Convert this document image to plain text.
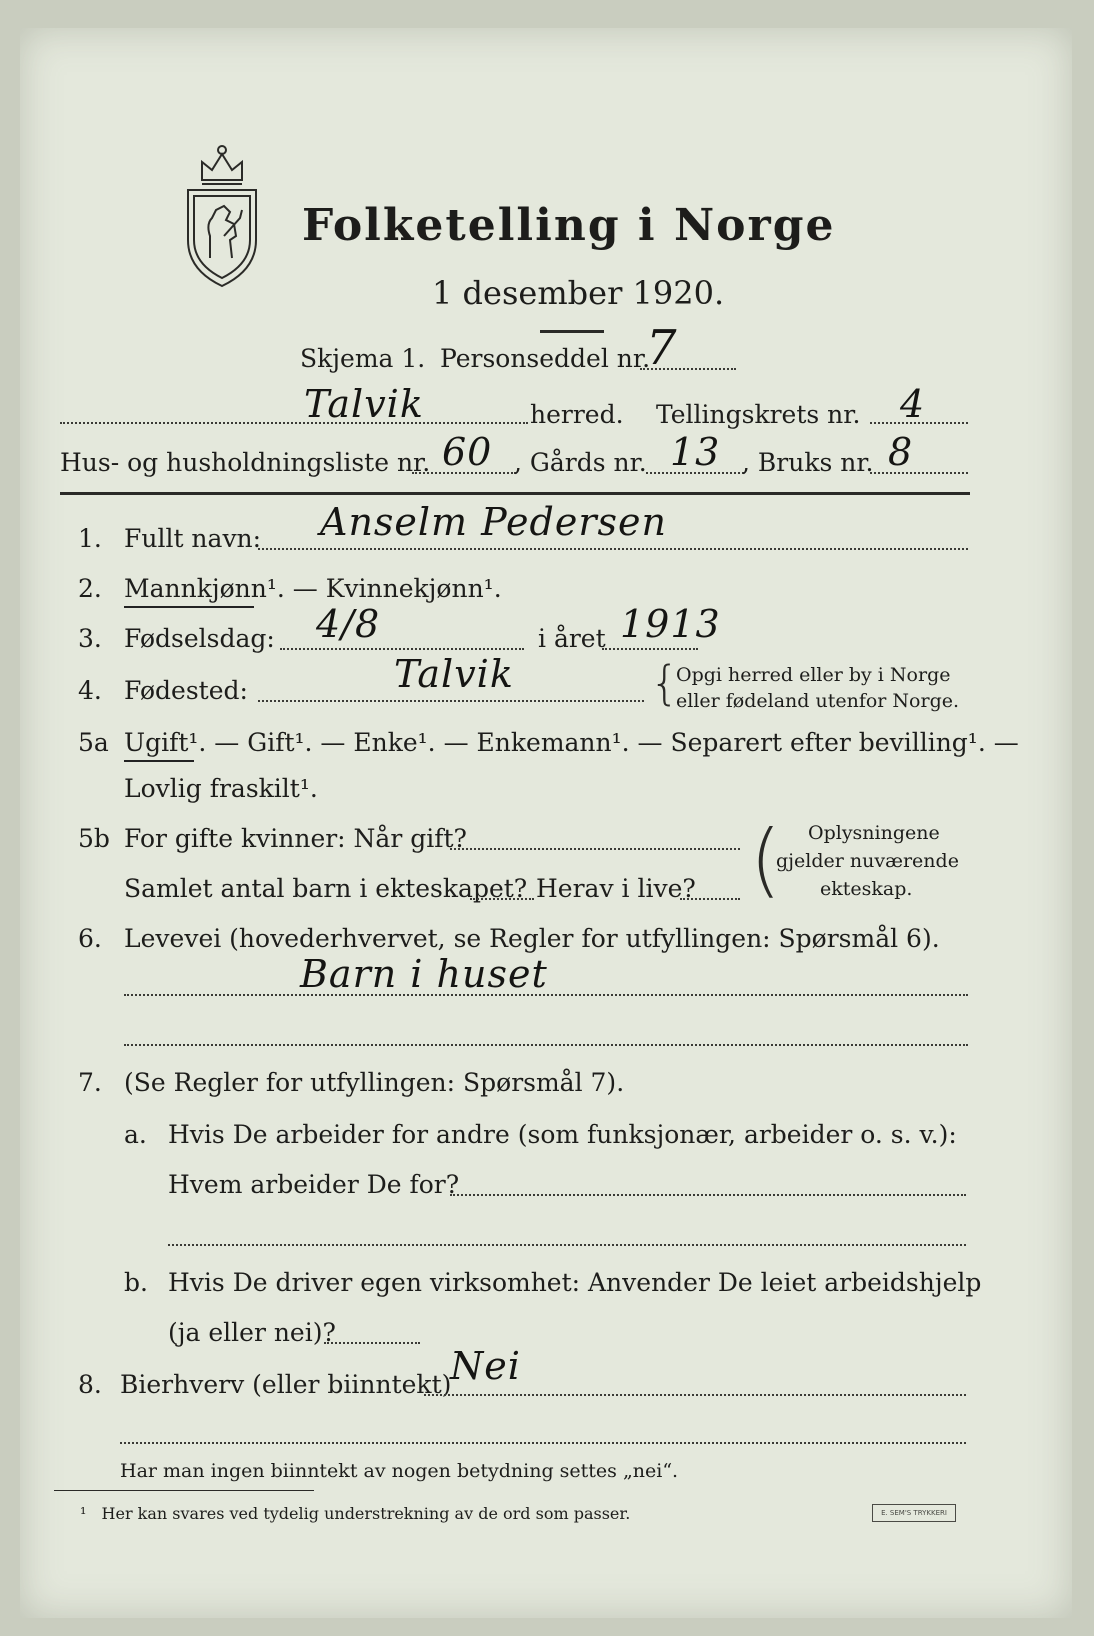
Folketelling i Norge
1 desember 1920.
Skjema 1. Personseddel nr.
7
Talvik	herred. Tellingskrets nr. 4
Hus- og husholdningsliste nr. 60 , Gårds nr. 13 , Bruks nr. 8
1. Fullt navn: Anselm Pedersen
2. Mannkjønn¹. — Kvinnekjønn¹.
3. Fødselsdag: 4/8	i året 1913
4. Fødested:	Talvik	{
Opgi herred eller by i Norge
eller fødeland utenfor Norge.
5a Ugift¹. — Gift¹. — Enke¹. — Enkemann¹. — Separert efter bevilling¹. —
Lovlig fraskilt¹.
5b For gifte kvinner: Når gift?
Samlet antal barn i ekteskapet? Herav i live? ( Oplysningene
gjelder nuværende
ekteskap.
6. Levevei (hovederhvervet, se Regler for utfyllingen: Spørsmål 6).
Barn i huset
7. (Se Regler for utfyllingen: Spørsmål 7).
a. Hvis De arbeider for andre (som funksjonær, arbeider o. s. v.):
Hvem arbeider De for?
b. Hvis De driver egen virksomhet: Anvender De leiet arbeidshjelp
(ja eller nei)?
8. Bierhverv (eller biinntekt)
Nei
Har man ingen biinntekt av nogen betydning settes „nei“.
¹ Her kan svares ved tydelig understrekning av de ord som passer.	E. SEM'S TRYKKERI
